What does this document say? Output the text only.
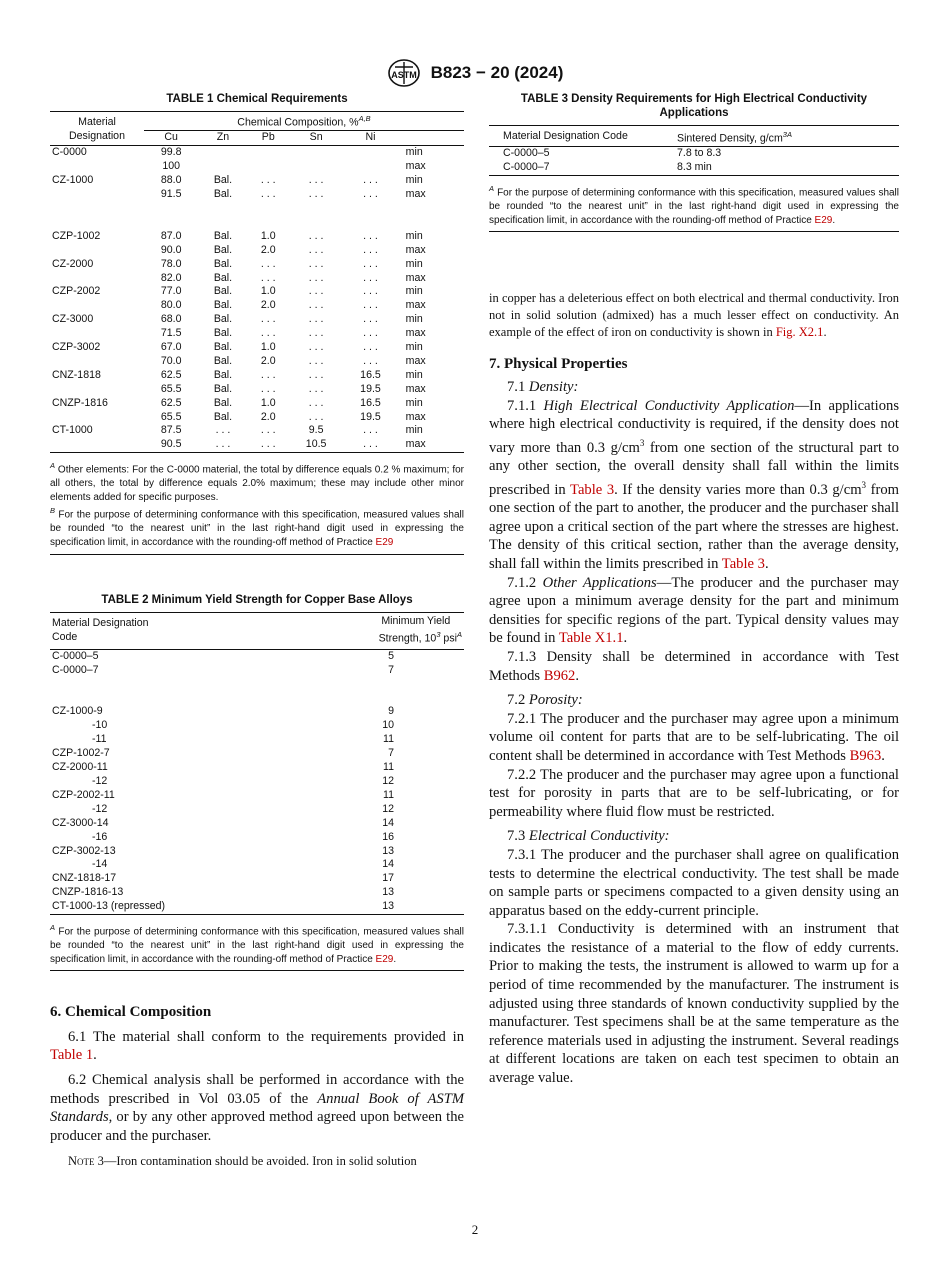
ASTM B823 − 20 (2024)
TABLE 1 Chemical Requirements
Material
Designation	Chemical Composition, %$^{A,B}$
	Cu	Zn	Pb	Sn	Ni	
C-0000	99.8					min
	100					max
CZ-1000	88.0	Bal.	. . .	. . .	. . .	min
	91.5	Bal.	. . .	. . .	. . .	max

CZP-1002	87.0	Bal.	1.0	. . .	. . .	min
	90.0	Bal.	2.0	. . .	. . .	max
CZ-2000	78.0	Bal.	. . .	. . .	. . .	min
	82.0	Bal.	. . .	. . .	. . .	max
CZP-2002	77.0	Bal.	1.0	. . .	. . .	min
	80.0	Bal.	2.0	. . .	. . .	max
CZ-3000	68.0	Bal.	. . .	. . .	. . .	min
	71.5	Bal.	. . .	. . .	. . .	max
CZP-3002	67.0	Bal.	1.0	. . .	. . .	min
	70.0	Bal.	2.0	. . .	. . .	max
CNZ-1818	62.5	Bal.	. . .	. . .	16.5	min
	65.5	Bal.	. . .	. . .	19.5	max
CNZP-1816	62.5	Bal.	1.0	. . .	16.5	min
	65.5	Bal.	2.0	. . .	19.5	max
CT-1000	87.5	. . .	. . .	9.5	. . .	min
	90.5	. . .	. . .	10.5	. . .	max
$^A$ Other elements: For the C-0000 material, the total by difference equals 0.2 % maximum; for all others, the total by difference equals 2.0% maximum; these may include other minor elements added for specific purposes.
$^B$ For the purpose of determining conformance with this specification, measured values shall be rounded “to the nearest unit” in the last right-hand digit used in expressing the specification limit, in accordance with the rounding-off method of Practice E29
TABLE 2 Minimum Yield Strength for Copper Base Alloys
Material Designation
Code	Minimum Yield
Strength, $10^3$ psi$^A$
C-0000–5	5
C-0000–7	7

CZ-1000-9	9
-10	10
-11	11
CZP-1002-7	7
CZ-2000-11	11
-12	12
CZP-2002-11	11
-12	12
CZ-3000-14	14
-16	16
CZP-3002-13	13
-14	14
CNZ-1818-17	17
CNZP-1816-13	13
CT-1000-13 (repressed)	13
$^A$ For the purpose of determining conformance with this specification, measured values shall be rounded “to the nearest unit” in the last right-hand digit used in expressing the specification limit, in accordance with the rounding-off method of Practice E29.
6. Chemical Composition

6.1 The material shall conform to the requirements provided in Table 1.

6.2 Chemical analysis shall be performed in accordance with the methods prescribed in Vol 03.05 of the Annual Book of ASTM Standards, or by any other approved method agreed upon between the producer and the purchaser.

Note 3—Iron contamination should be avoided. Iron in solid solution

TABLE 3 Density Requirements for High Electrical Conductivity Applications
Material Designation Code	Sintered Density, $g/cm^{3A}$
C-0000–5	7.8 to 8.3
C-0000–7	8.3 min
$^A$ For the purpose of determining conformance with this specification, measured values shall be rounded “to the nearest unit” in the last right-hand digit used in expressing the specification limit, in accordance with the rounding-off method of Practice E29.

in copper has a deleterious effect on both electrical and thermal conductivity. Iron not in solid solution (admixed) has a much lesser effect on conductivity. An example of the effect of iron on conductivity is shown in Fig. X2.1.

7. Physical Properties

7.1 Density:

7.1.1 High Electrical Conductivity Application—In applications where high electrical conductivity is required, if the density does not vary more than 0.3 $g/cm^3$ from one section of the structural part to any other section, the overall density shall fall within the limits prescribed in Table 3. If the density varies more than 0.3 $g/cm^3$ from one section of the part to another, the producer and the purchaser shall agree upon a critical section of the part where the stresses are highest. The density of this critical section, rather than the average density, shall fall within the limits prescribed in Table 3.

7.1.2 Other Applications—The producer and the purchaser may agree upon a minimum average density for the part and minimum densities for specific regions of the part. Typical density values may be found in Table X1.1.

7.1.3 Density shall be determined in accordance with Test Methods B962.

7.2 Porosity:

7.2.1 The producer and the purchaser may agree upon a minimum volume oil content for parts that are to be self-lubricating. The oil content shall be determined in accordance with Test Methods B963.

7.2.2 The producer and the purchaser may agree upon a functional test for porosity in parts that are to be self-lubricating, or for permeability where fluid flow must be restricted.

7.3 Electrical Conductivity:

7.3.1 The producer and the purchaser shall agree on qualification tests to determine the electrical conductivity. The test shall be made on sample parts or specimens compacted to a given density using an apparatus based on the eddy-current principle.

7.3.1.1 Conductivity is determined with an instrument that indicates the resistance of a material to the flow of eddy currents. Prior to making the tests, the instrument is allowed to warm up for a period of time recommended by the manufacturer. The instrument is adjusted using three standards of known conductivity supplied by the manufacturer. Test specimens shall be at the same temperature as the reference materials used in adjusting the instrument. Several readings at different locations are taken on each test specimen to obtain an average value.

2
